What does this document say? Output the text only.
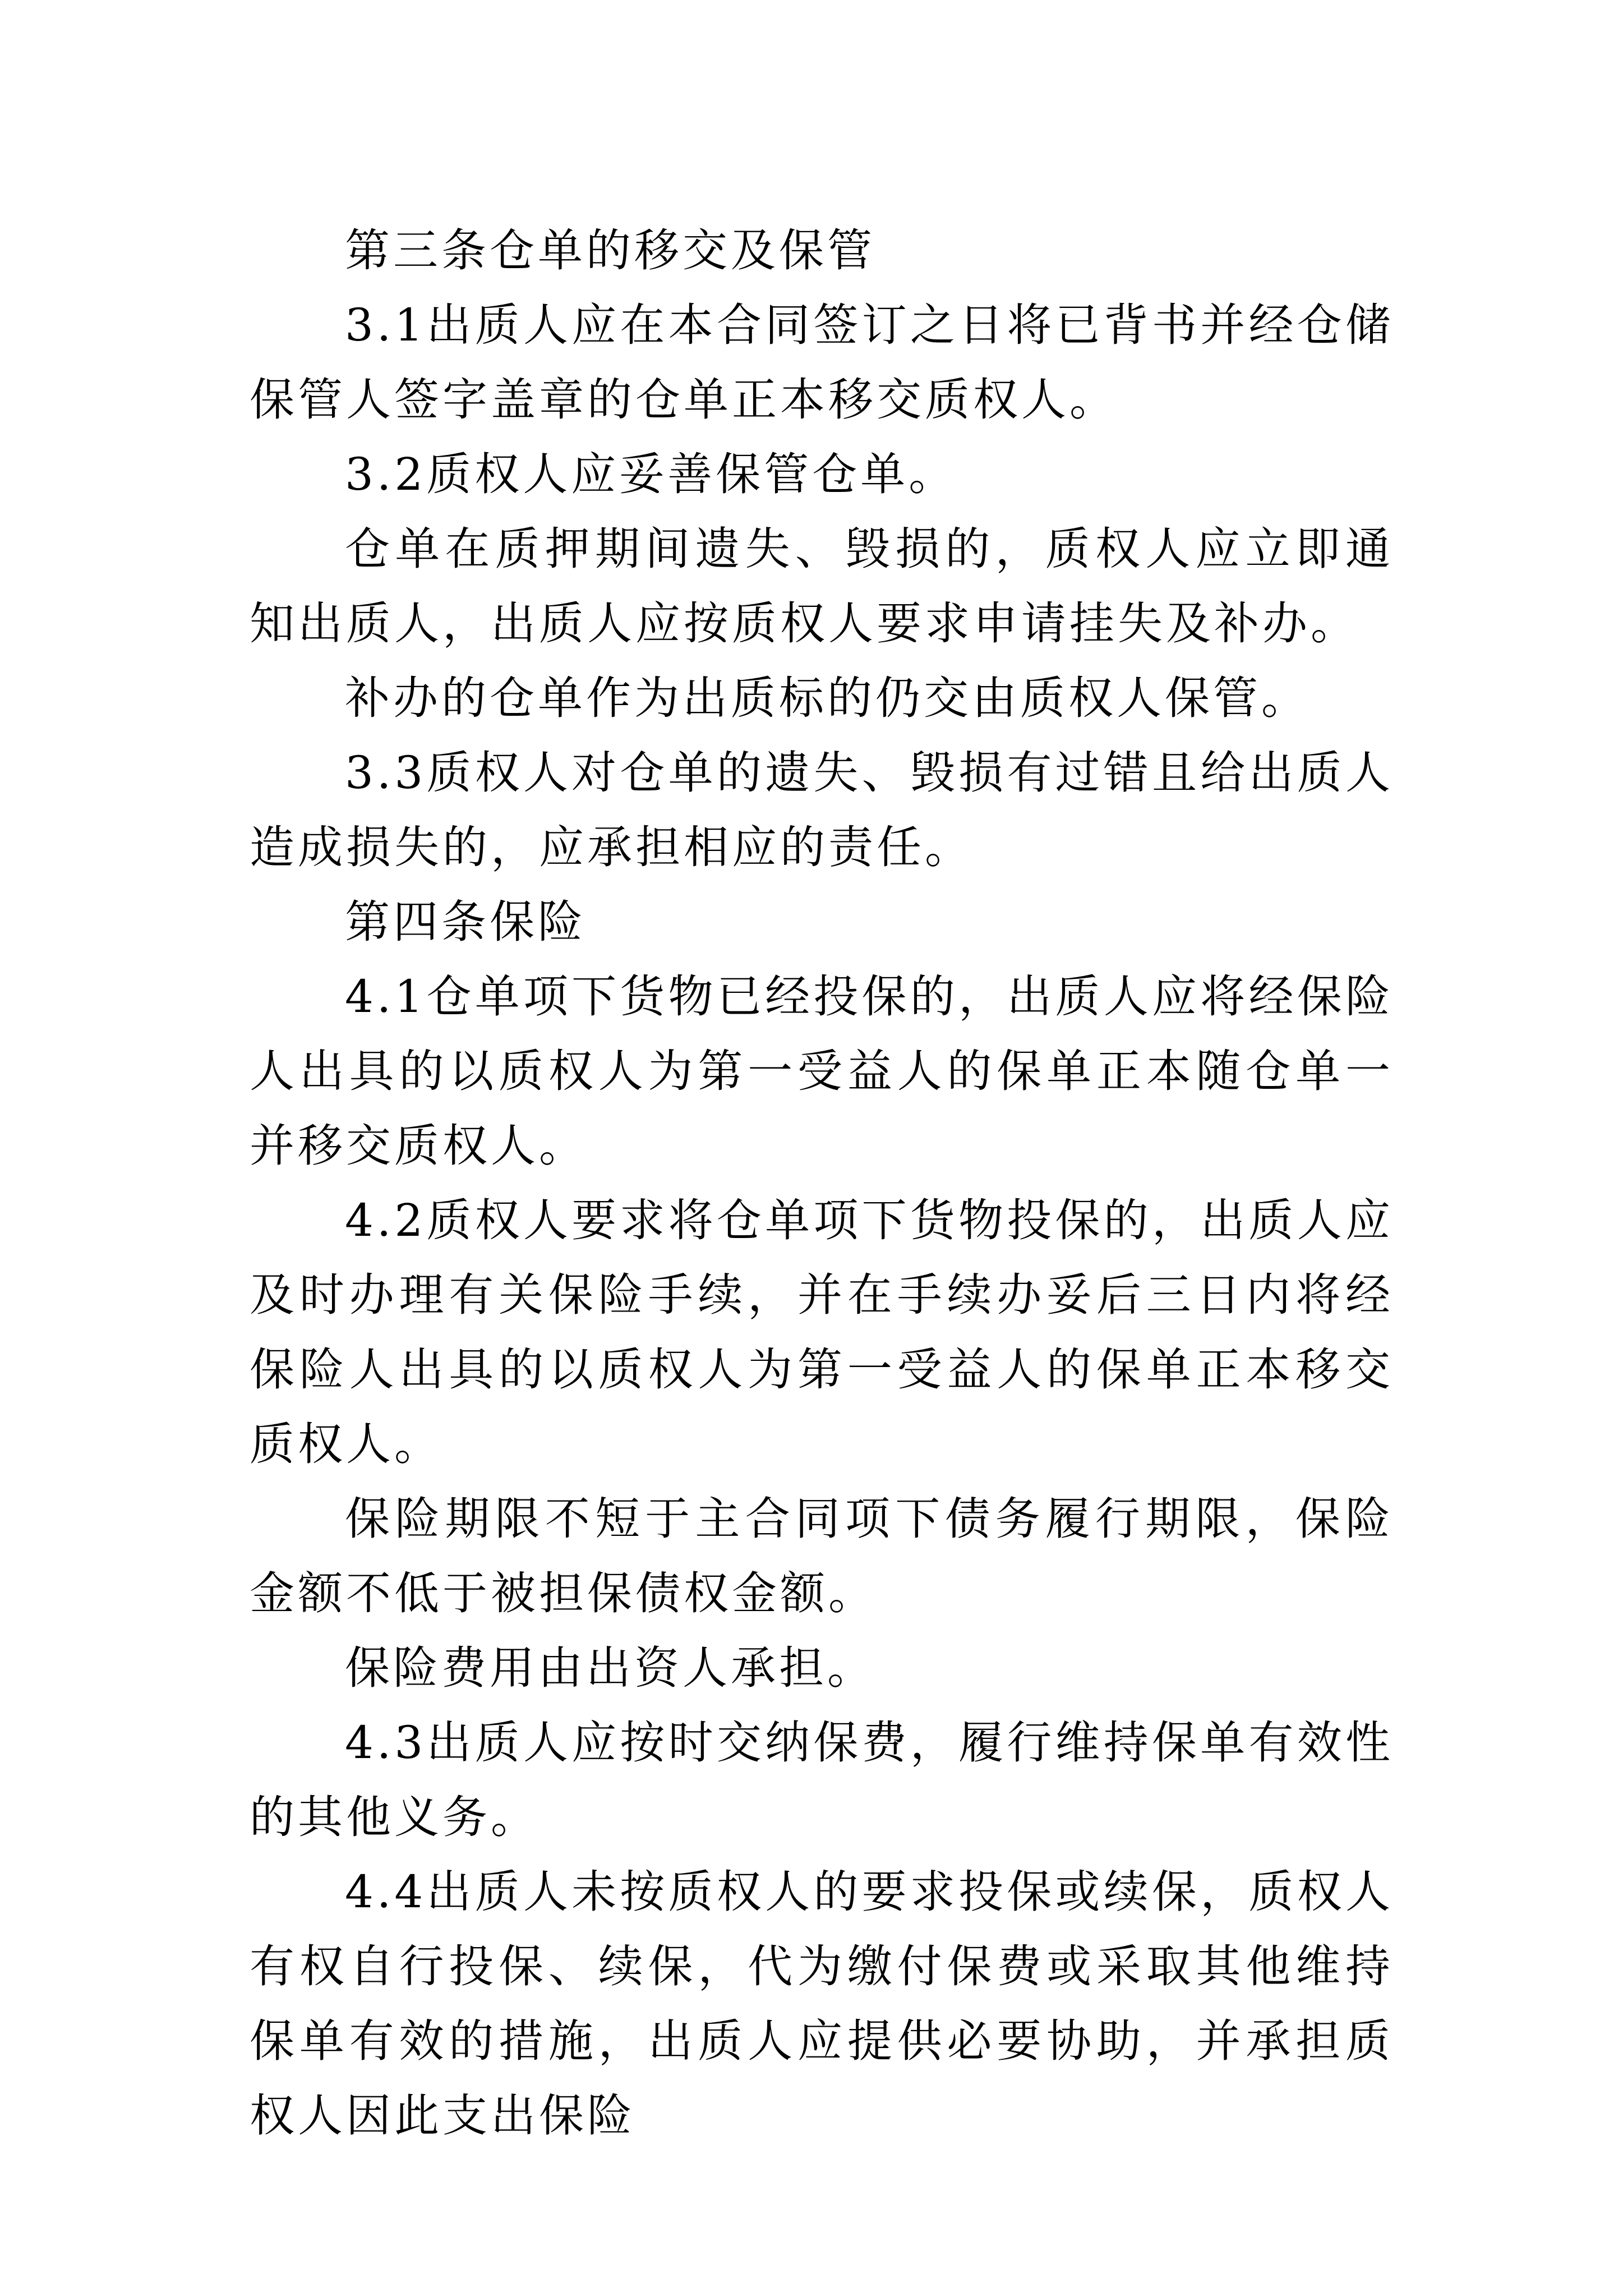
第三条仓单的移交及保管

3.1出质人应在本合同签订之日将已背书并经仓储保管人签字盖章的仓单正本移交质权人。

3.2质权人应妥善保管仓单。

仓单在质押期间遗失、毁损的，质权人应立即通知出质人，出质人应按质权人要求申请挂失及补办。

补办的仓单作为出质标的仍交由质权人保管。

3.3质权人对仓单的遗失、毁损有过错且给出质人造成损失的，应承担相应的责任。

第四条保险

4.1仓单项下货物已经投保的，出质人应将经保险人出具的以质权人为第一受益人的保单正本随仓单一并移交质权人。

4.2质权人要求将仓单项下货物投保的，出质人应及时办理有关保险手续，并在手续办妥后三日内将经保险人出具的以质权人为第一受益人的保单正本移交质权人。

保险期限不短于主合同项下债务履行期限，保险金额不低于被担保债权金额。

保险费用由出资人承担。

4.3出质人应按时交纳保费，履行维持保单有效性的其他义务。

4.4出质人未按质权人的要求投保或续保，质权人有权自行投保、续保，代为缴付保费或采取其他维持保单有效的措施，出质人应提供必要协助，并承担质权人因此支出保险
